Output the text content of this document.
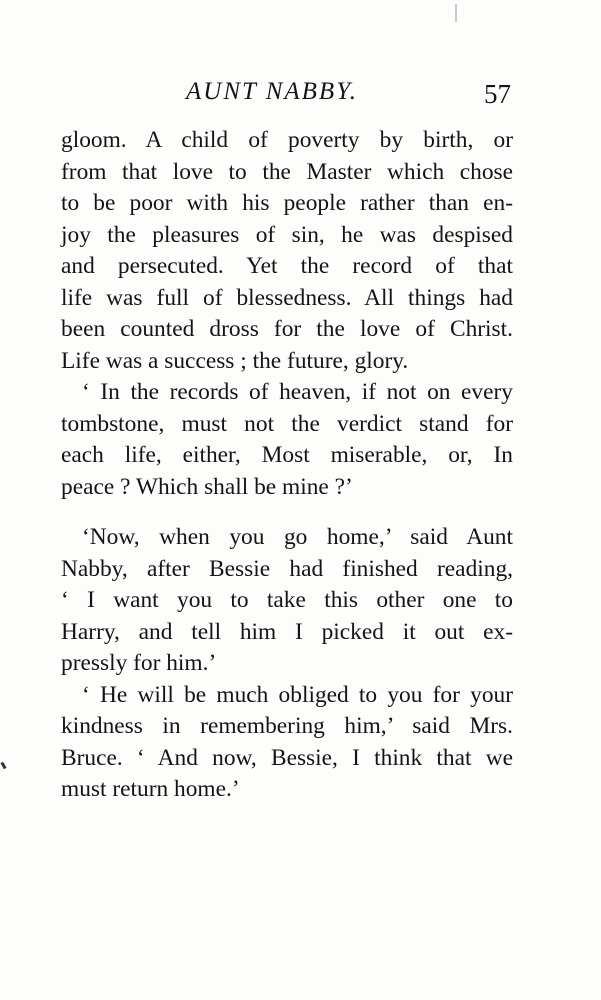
AUNT NABBY.	57
gloom. A child of poverty by birth, or
from that love to the Master which chose
to be poor with his people rather than en-
joy the pleasures of sin, he was despised
and persecuted. Yet the record of that
life was full of blessedness. All things had
been counted dross for the love of Christ.
Life was a success ; the future, glory.
‘ In the records of heaven, if not on every
tombstone, must not the verdict stand for
each life, either, Most miserable, or, In
peace ? Which shall be mine ?’
‘Now, when you go home,’ said Aunt
Nabby, after Bessie had finished reading,
‘ I want you to take this other one to
Harry, and tell him I picked it out ex-
pressly for him.’
‘ He will be much obliged to you for your
kindness in remembering him,’ said Mrs.
Bruce. ‘ And now, Bessie, I think that we
must return home.’
